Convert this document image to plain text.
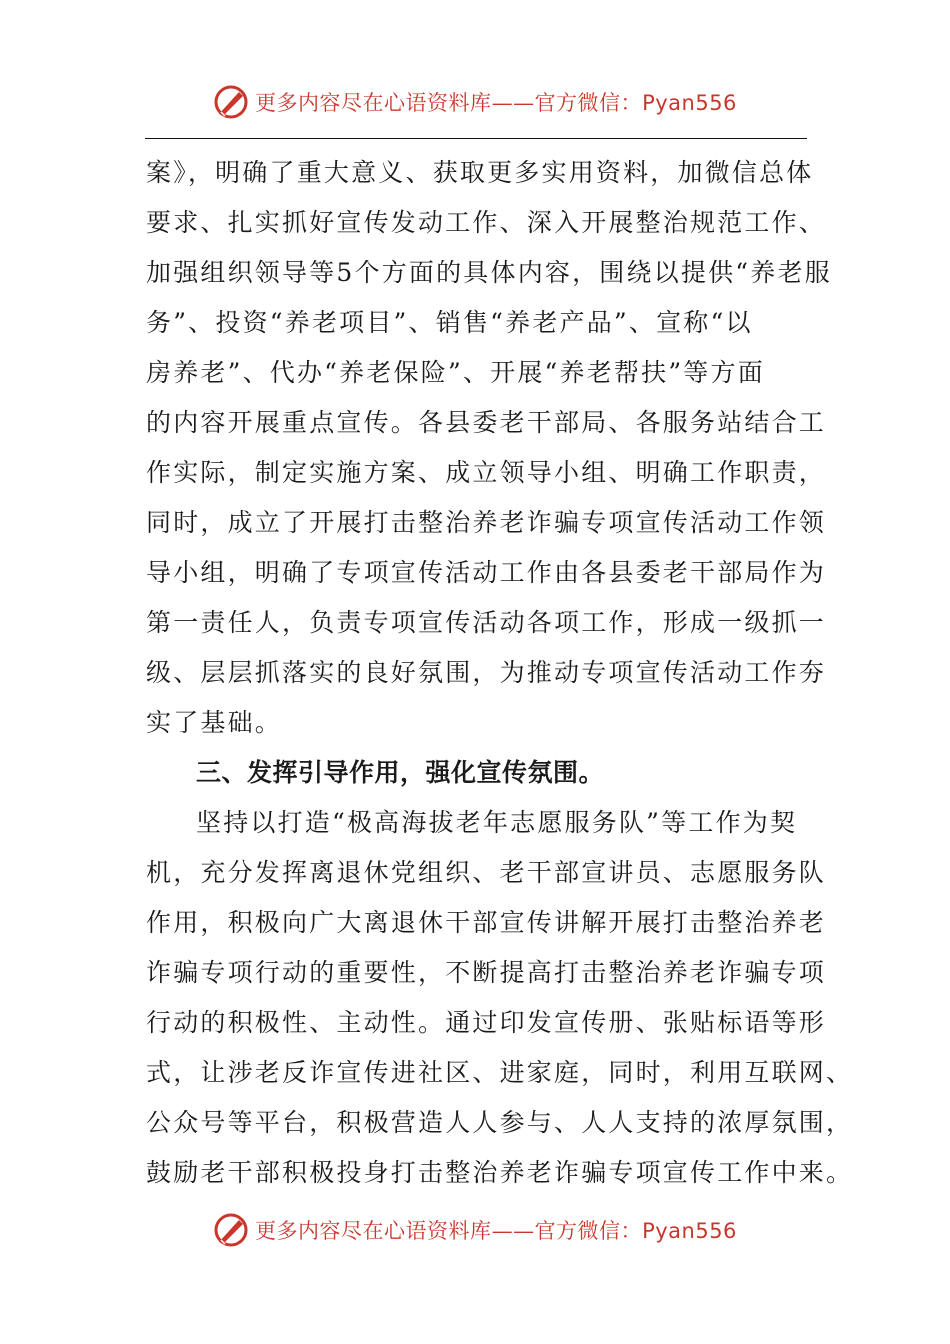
更多内容尽在心语资料库——官方微信：Pyan556
案》，明确了重大意义、获取更多实用资料，加微信总体
要求、扎实抓好宣传发动工作、深入开展整治规范工作、
加强组织领导等5个方面的具体内容，围绕以提供“养老服
务”、投资“养老项目”、销售“养老产品”、宣称“以
房养老”、代办“养老保险”、开展“养老帮扶”等方面
的内容开展重点宣传。各县委老干部局、各服务站结合工
作实际，制定实施方案、成立领导小组、明确工作职责，
同时，成立了开展打击整治养老诈骗专项宣传活动工作领
导小组，明确了专项宣传活动工作由各县委老干部局作为
第一责任人，负责专项宣传活动各项工作，形成一级抓一
级、层层抓落实的良好氛围，为推动专项宣传活动工作夯
实了基础。
三、发挥引导作用，强化宣传氛围。
坚持以打造“极高海拔老年志愿服务队”等工作为契
机，充分发挥离退休党组织、老干部宣讲员、志愿服务队
作用，积极向广大离退休干部宣传讲解开展打击整治养老
诈骗专项行动的重要性，不断提高打击整治养老诈骗专项
行动的积极性、主动性。通过印发宣传册、张贴标语等形
式，让涉老反诈宣传进社区、进家庭，同时，利用互联网、
公众号等平台，积极营造人人参与、人人支持的浓厚氛围，
鼓励老干部积极投身打击整治养老诈骗专项宣传工作中来。
更多内容尽在心语资料库——官方微信：Pyan556
